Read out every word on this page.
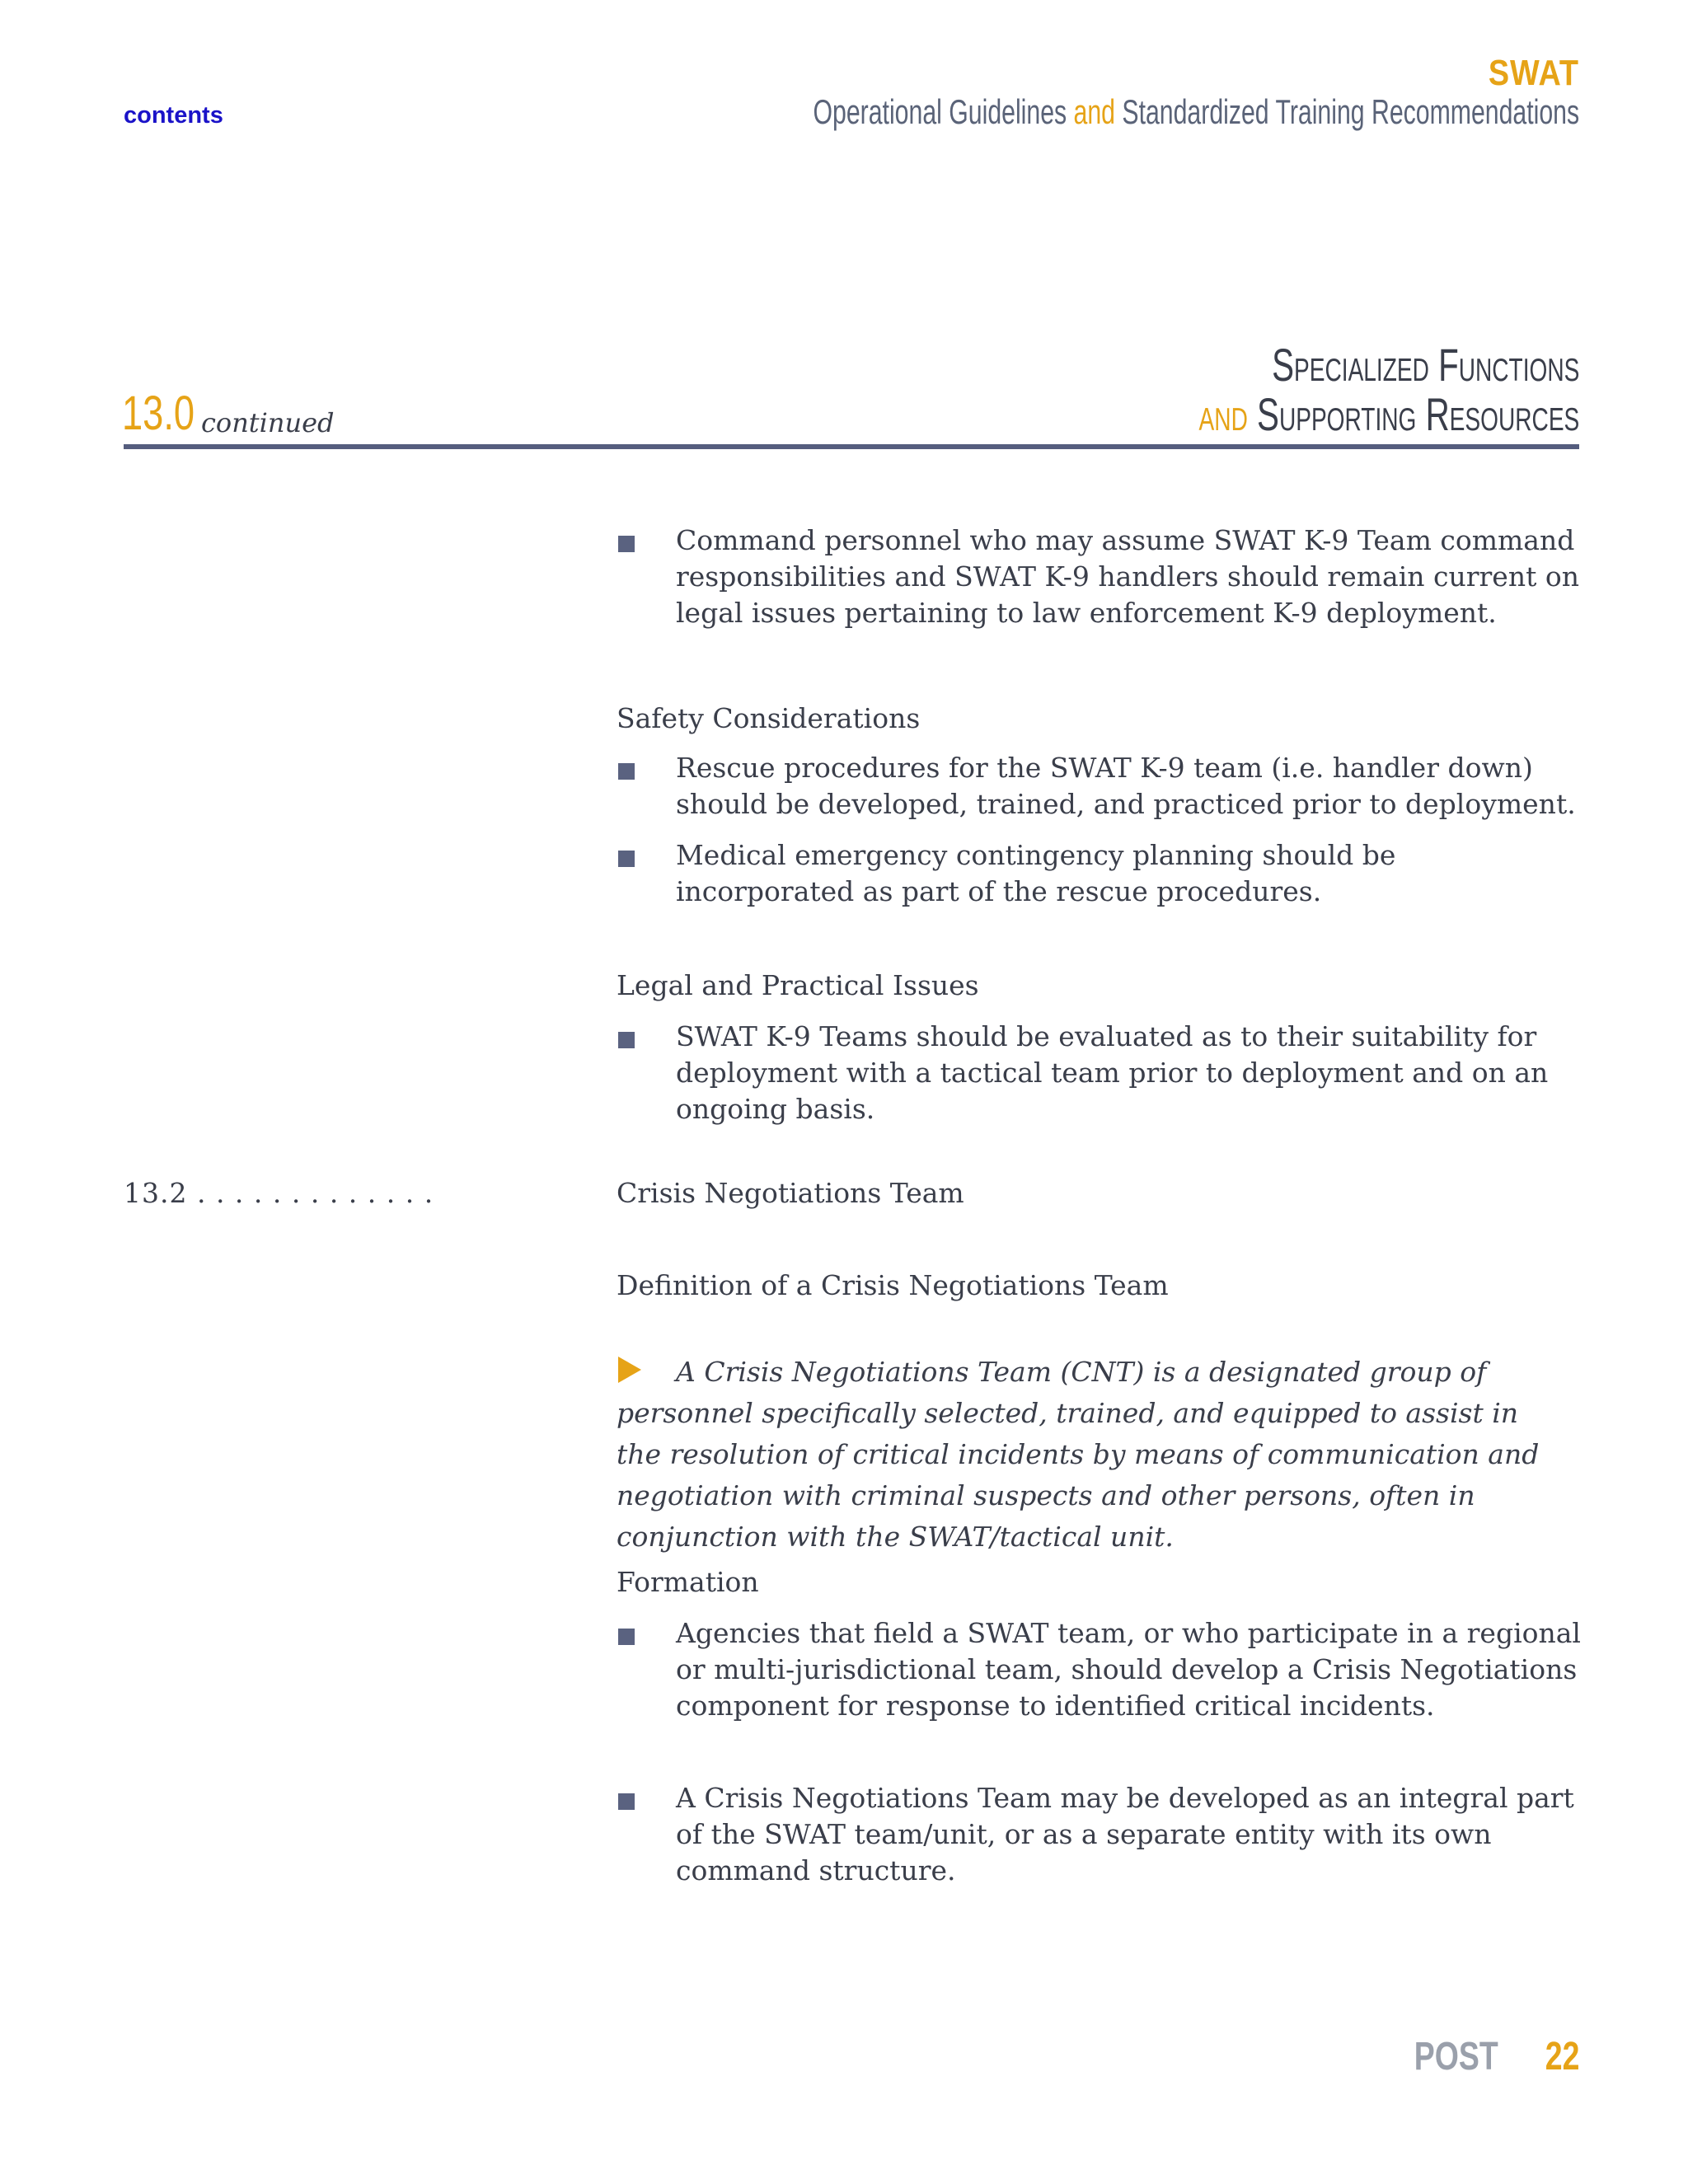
contents
SWAT
Operational Guidelines and Standardized Training Recommendations
13.0 continued
Specialized Functions
and Supporting Resources
Command personnel who may assume SWAT K-9 Team command responsibilities and SWAT K-9 handlers should remain current on legal issues pertaining to law enforcement K-9 deployment.
Safety Considerations
Rescue procedures for the SWAT K-9 team (i.e. handler down) should be developed, trained, and practiced prior to deployment.
Medical emergency contingency planning should be incorporated as part of the rescue procedures.
Legal and Practical Issues
SWAT K-9 Teams should be evaluated as to their suitability for deployment with a tactical team prior to deployment and on an ongoing basis.
13.2 . . . . . . . . . . . . .	Crisis Negotiations Team
Definition of a Crisis Negotiations Team
A Crisis Negotiations Team (CNT) is a designated group of personnel specifically selected, trained, and equipped to assist in the resolution of critical incidents by means of communication and negotiation with criminal suspects and other persons, often in conjunction with the SWAT/tactical unit.
Formation
Agencies that field a SWAT team, or who participate in a regional or multi-jurisdictional team, should develop a Crisis Negotiations component for response to identified critical incidents.
A Crisis Negotiations Team may be developed as an integral part of the SWAT team/unit, or as a separate entity with its own command structure.
POST 22
